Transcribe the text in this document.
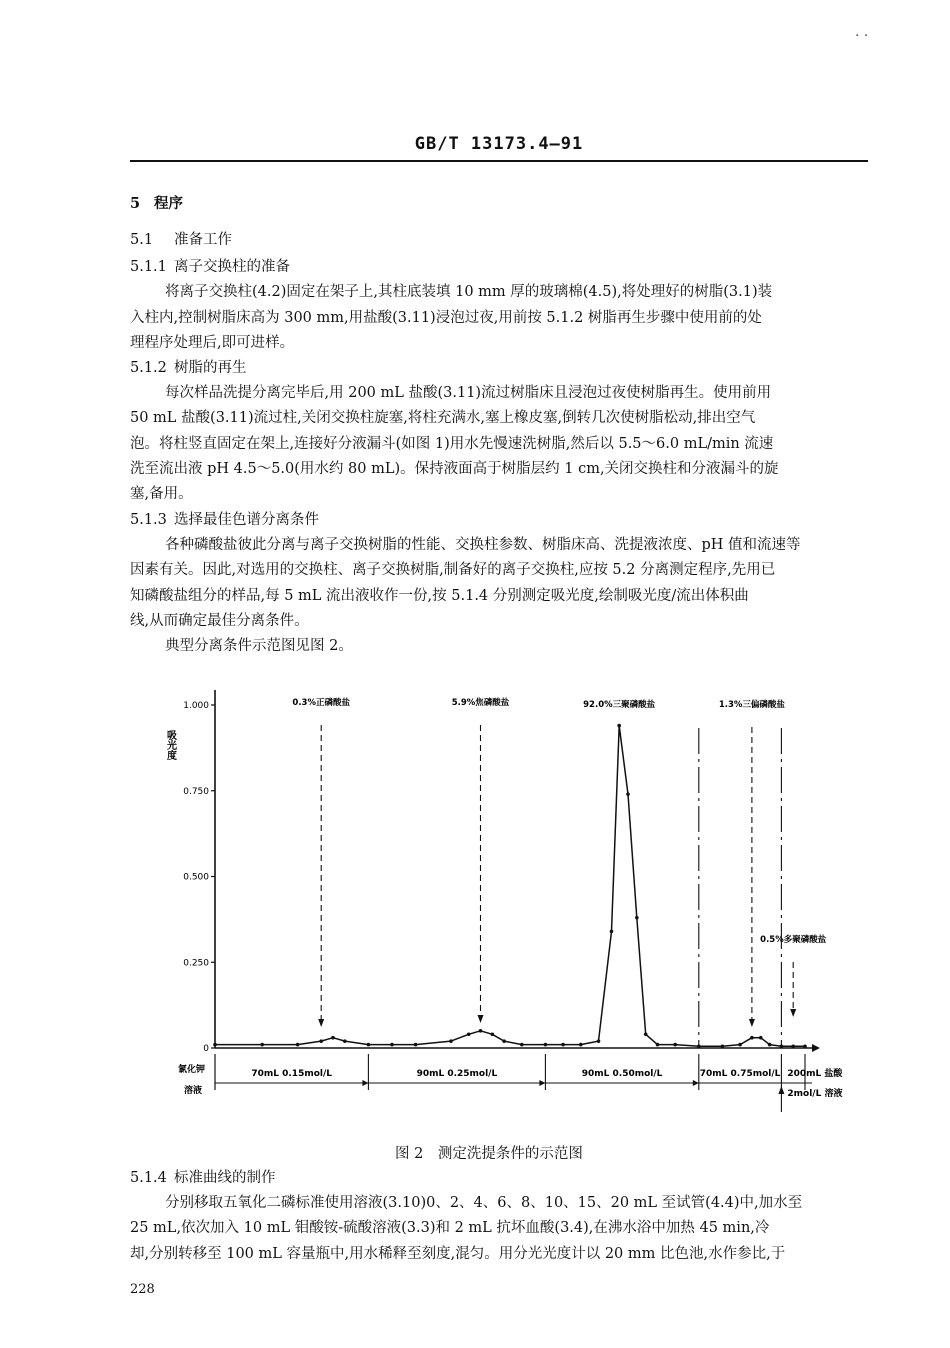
· ·
GB/T 13173.4—91
5 程序
5.1 准备工作
5.1.1 离子交换柱的准备
将离子交换柱(4.2)固定在架子上,其柱底装填 10 mm 厚的玻璃棉(4.5),将处理好的树脂(3.1)装
入柱内,控制树脂床高为 300 mm,用盐酸(3.11)浸泡过夜,用前按 5.1.2 树脂再生步骤中使用前的处
理程序处理后,即可进样。
5.1.2 树脂的再生
每次样品洗提分离完毕后,用 200 mL 盐酸(3.11)流过树脂床且浸泡过夜使树脂再生。使用前用
50 mL 盐酸(3.11)流过柱,关闭交换柱旋塞,将柱充满水,塞上橡皮塞,倒转几次使树脂松动,排出空气
泡。将柱竖直固定在架上,连接好分液漏斗(如图 1)用水先慢速洗树脂,然后以 5.5～6.0 mL/min 流速
洗至流出液 pH 4.5～5.0(用水约 80 mL)。保持液面高于树脂层约 1 cm,关闭交换柱和分液漏斗的旋
塞,备用。
5.1.3 选择最佳色谱分离条件
各种磷酸盐彼此分离与离子交换树脂的性能、交换柱参数、树脂床高、洗提液浓度、pH 值和流速等
因素有关。因此,对选用的交换柱、离子交换树脂,制备好的离子交换柱,应按 5.2 分离测定程序,先用已
知磷酸盐组分的样品,每 5 mL 流出液收作一份,按 5.1.4 分别测定吸光度,绘制吸光度/流出体积曲
线,从而确定最佳分离条件。
典型分离条件示范图见图 2。
吸光度
1.000
0.750
0.500
0.250
0
0.3%正磷酸盐	5.9%焦磷酸盐	92.0%三聚磷酸盐	1.3%三偏磷酸盐
0.5%多聚磷酸盐
70mL 0.15mol/L	90mL 0.25mol/L	90mL 0.50mol/L	70mL 0.75mol/L 200mL 盐酸
2mol/L 溶液
氯化钾
溶液
图 2　测定洗提条件的示范图
5.1.4 标准曲线的制作
分别移取五氧化二磷标准使用溶液(3.10)0、2、4、6、8、10、15、20 mL 至试管(4.4)中,加水至
25 mL,依次加入 10 mL 钼酸铵-硫酸溶液(3.3)和 2 mL 抗坏血酸(3.4),在沸水浴中加热 45 min,冷
却,分别转移至 100 mL 容量瓶中,用水稀释至刻度,混匀。用分光光度计以 20 mm 比色池,水作参比,于
228
